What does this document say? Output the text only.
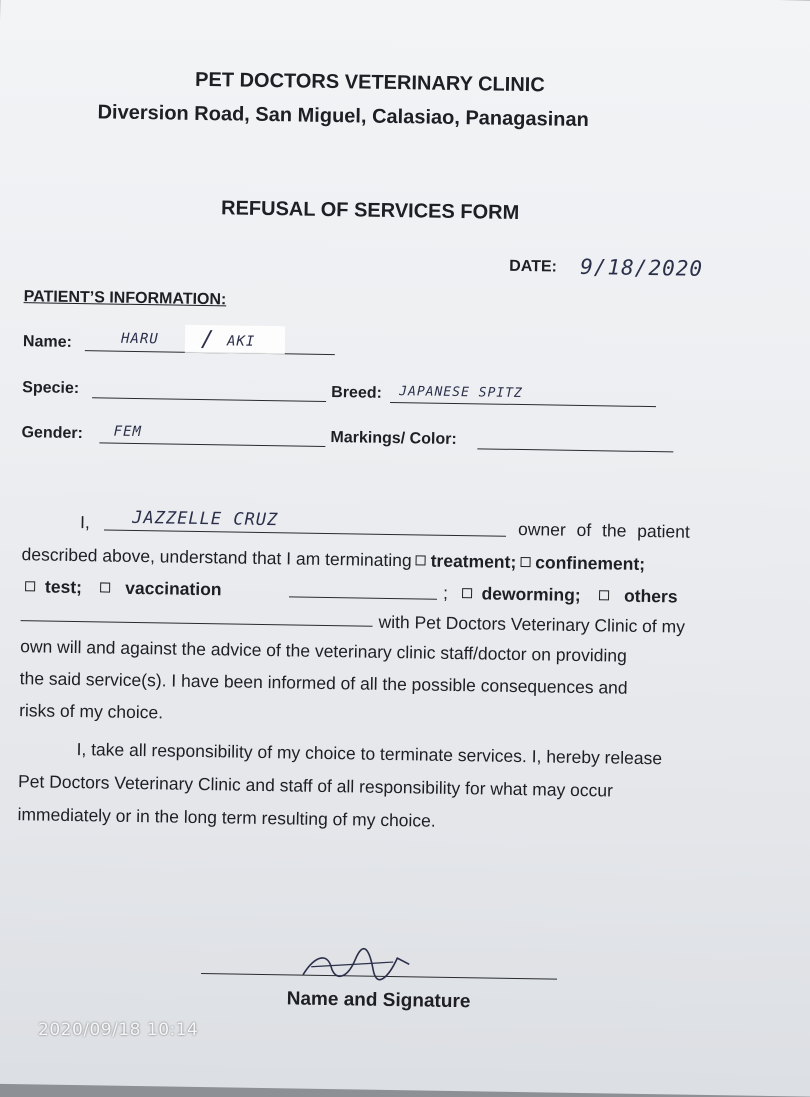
PET DOCTORS VETERINARY CLINIC
Diversion Road, San Miguel, Calasiao, Panagasinan
REFUSAL OF SERVICES FORM
DATE: 9/18/2020
PATIENT’S INFORMATION:
Name:	HARU / AKI
Specie:	Breed: JAPANESE SPITZ
Gender: FEM	Markings/ Color:
I, JAZZELLE CRUZ	owner of the patient
described above, understand that I am terminating treatment; confinement;
test; vaccination	; deworming; others
with Pet Doctors Veterinary Clinic of my
own will and against the advice of the veterinary clinic staff/doctor on providing
the said service(s). I have been informed of all the possible consequences and
risks of my choice.
I, take all responsibility of my choice to terminate services. I, hereby release
Pet Doctors Veterinary Clinic and staff of all responsibility for what may occur
immediately or in the long term resulting of my choice.
Name and Signature
2020/09/18 10:14
